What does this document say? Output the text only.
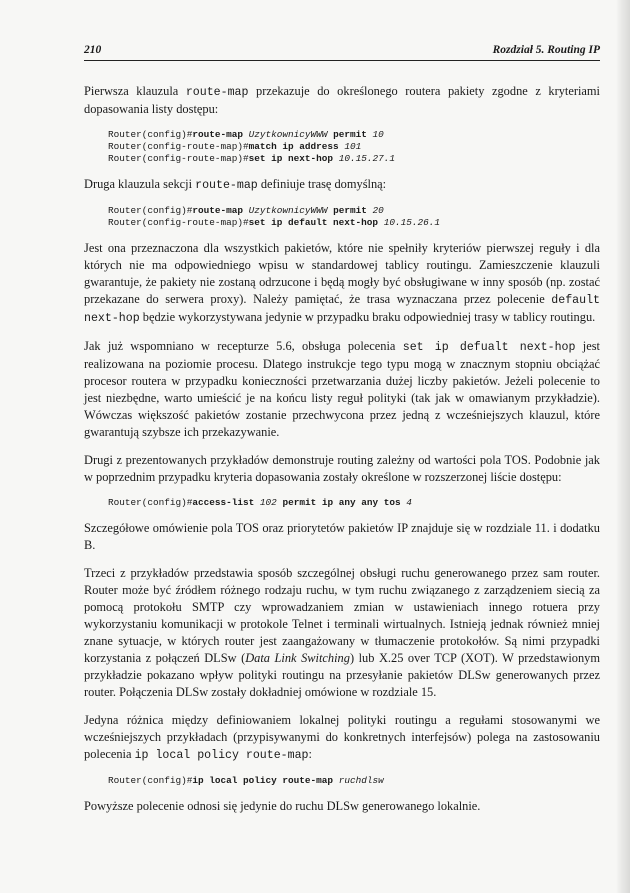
210	Rozdział 5. Routing IP

Pierwsza klauzula route-map przekazuje do określonego routera pakiety zgodne z kryteriami dopasowania listy dostępu:

Router(config)#route-map UzytkownicyWWW permit 10
Router(config-route-map)#match ip address 101
Router(config-route-map)#set ip next-hop 10.15.27.1

Druga klauzula sekcji route-map definiuje trasę domyślną:

Router(config)#route-map UzytkownicyWWW permit 20
Router(config-route-map)#set ip default next-hop 10.15.26.1

Jest ona przeznaczona dla wszystkich pakietów, które nie spełniły kryteriów pierwszej reguły i dla których nie ma odpowiedniego wpisu w standardowej tablicy routingu. Zamieszczenie klauzuli gwarantuje, że pakiety nie zostaną odrzucone i będą mogły być obsługiwane w inny sposób (np. zostać przekazane do serwera proxy). Należy pamiętać, że trasa wyznaczana przez polecenie default next-hop będzie wykorzystywana jedynie w przypadku braku odpowiedniej trasy w tablicy routingu.

Jak już wspomniano w recepturze 5.6, obsługa polecenia set ip defualt next-hop jest realizowana na poziomie procesu. Dlatego instrukcje tego typu mogą w znacznym stopniu obciążać procesor routera w przypadku konieczności przetwarzania dużej liczby pakietów. Jeżeli polecenie to jest niezbędne, warto umieścić je na końcu listy reguł polityki (tak jak w omawianym przykładzie). Wówczas większość pakietów zostanie przechwycona przez jedną z wcześniejszych klauzul, które gwarantują szybsze ich przekazywanie.

Drugi z prezentowanych przykładów demonstruje routing zależny od wartości pola TOS. Podobnie jak w poprzednim przypadku kryteria dopasowania zostały określone w rozszerzonej liście dostępu:

Router(config)#access-list 102 permit ip any any tos 4

Szczegółowe omówienie pola TOS oraz priorytetów pakietów IP znajduje się w rozdziale 11. i dodatku B.

Trzeci z przykładów przedstawia sposób szczególnej obsługi ruchu generowanego przez sam router. Router może być źródłem różnego rodzaju ruchu, w tym ruchu związanego z zarządzeniem siecią za pomocą protokołu SMTP czy wprowadzaniem zmian w ustawieniach innego rotuera przy wykorzystaniu komunikacji w protokole Telnet i terminali wirtualnych. Istnieją jednak również mniej znane sytuacje, w których router jest zaangażowany w tłumaczenie protokołów. Są nimi przypadki korzystania z połączeń DLSw (Data Link Switching) lub X.25 over TCP (XOT). W przedstawionym przykładzie pokazano wpływ polityki routingu na przesyłanie pakietów DLSw generowanych przez router. Połączenia DLSw zostały dokładniej omówione w rozdziale 15.

Jedyna różnica między definiowaniem lokalnej polityki routingu a regułami stosowanymi we wcześniejszych przykładach (przypisywanymi do konkretnych interfejsów) polega na zastosowaniu polecenia ip local policy route-map:

Router(config)#ip local policy route-map ruchdlsw

Powyższe polecenie odnosi się jedynie do ruchu DLSw generowanego lokalnie.
